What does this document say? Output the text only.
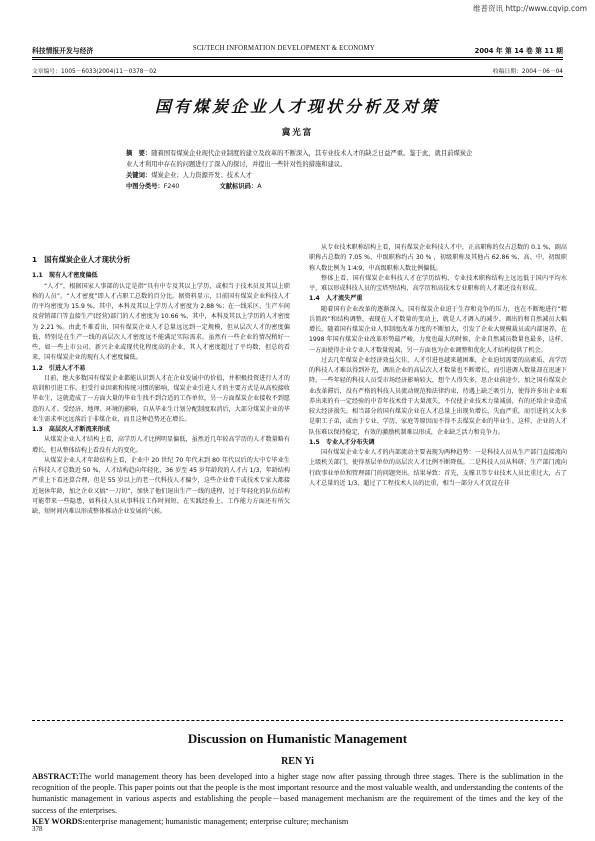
维普资讯 http://www.cqvip.com
科技情报开发与经济	SCI/TECH INFORMATION DEVELOPMENT & ECONOMY	2004 年 第 14 卷 第 11 期
文章编号：1005－6033(2004)11－0378－02	收稿日期：2004－06－04
国有煤炭企业人才现状分析及对策
冀光富
摘　要：随着国有煤炭企业现代企业制度的建立及改革的不断深入，其专业技术人才的缺乏日益严重。鉴于此，就目前煤炭企业人才利用中存在的问题进行了深入的探讨，并提出一些针对性的措施和建议。
关键词：煤炭企业；人力资源开发；技术人才
中图分类号：F240	文献标识码：A
1　国有煤炭企业人才现状分析

1.1　现有人才密度偏低

“人才”，根据国家人事部的认定是指“具有中专及其以上学历，或相当于技术员及其以上职称的人员”。“人才密度”即人才占职工总数的百分比。据资料显示，目前国有煤炭企业科技人才的平均密度为 15.9 %，其中，本科及其以上学历人才密度为 2.88 %；在一线采区、生产车间及营销部门等直接生产(经营)部门的人才密度为 10.66 %，其中，本科及其以上学历的人才密度为 2.21 %。由此不难看出，国有煤炭企业人才总量远远到一定规模，但从层次人才的密度偏低，特别是在生产一线的高层次人才密度远不能满足实际需求。虽然有一些企业的情况稍好一些，如一些上市公司、新兴企业或现代化程度高的企业，其人才密度超过了平均数，但总的看来，国有煤炭企业的现有人才密度偏低。

1.2　引进人才不易

目前，绝大多数国有煤炭企业都能认识到人才在企业发展中的价值，并积极投资进行人才的培训和引进工作。但受行业因素和传统习惯的影响，煤炭企业引进人才的主要方式是从高校接收毕业生，这就造成了一方面大量的毕业生找不到合适的工作单位，另一方面煤炭企业接收不到愿意的人才。受经济、地理、环境的影响，自从毕业生计划分配制度取消后，大部分煤炭企业的毕业生需求率远远落后于非煤企业，而且这种趋势还在增长。

1.3　高层次人才断流来形成

从煤炭企业人才结构上看，高学历人才比例明显偏低，虽然近几年较高学历的人才数量略有增长，但从整体结构上看没有大的变化。

从煤炭企业人才年龄结构上看，企业中 20 世纪 70 年代末到 80 年代以后的大中专毕业生占科技人才总数近 50 %，人才结构趋向年轻化，36 岁至 45 岁年龄段的人才占 1/3，年龄结构严重上下看还算合理，但是 55 岁以上的老一代科技人才偏少，这些企业骨干或技术专家大都接近退休年龄，加之企业又搞“一刀切”，加快了他们退出生产一线的进程，过于年轻化的队伍结构可能带来一些隐患，如科技人员从事科技工作时间短，在实践经验上、工作能力方面还有所欠缺，短时间内难以形成整体推动企业发展的气候。

从专业技术职称结构上看，国有煤炭企业科技人才中，正高职称的仅占总数的 0.1 %，副高职称占总数的 7.05 %，中级职称约占 30 % ，初级职称及其他占 62.86 %，高、中、初级职称人数比例为 1∶4∶9，中高级职称人数比例偏低。

整体上看，国有煤炭企业科技人才在学历结构、专业技术职称结构上远远低于国内平均水平，难以形成科技人员的宝塔型结构，高学历和高技术专业职称的人才都还没有形成。

1.4　人才流失严重

随着国有企业改革的逐渐深入，国有煤炭企业迫于生存和竞争的压力，也在不断地进行“精兵简政”和结构调整，表现在人才数量的变动上，就是人才调入的减少、调出的和自然减员大幅增长。随着国有煤炭企业人事制度改革力度的不断加大，引发了企业大规模裁员或内部退养，在 1998 年国有煤炭企业改革形势最严峻，力度也最大的时候，企业自然减员数量也最多，这样，一方面使得企业专业人才数量锐减，另一方面也为企业调整和优化人才结构提供了机会。

过去几年煤炭企业经济效益欠佳，人才引进也越来越困难，企业迫切需要的高素质、高学历的科技人才难以得到补充，调出企业的高层次人才数量也不断增长，而引进调入数量却在迅速下降。一些年轻的科技人员受市场经济影响较大，想个人得失多，思企业前途少，加之国有煤炭企业改革滞后，没有严格的科技人员流动规范和法律约束，待遇上缺乏吸引力，使得许多出企业难养出来的有一定经验的中青年技术骨干大量流失，不仅使企业技术力量减弱，有的还给企业造成较大经济损失。相当部分的国有煤炭企业在人才总量上出现负增长，失血严重，而引进的又大多是职工子弟，或由于专业、学历、家庭等原因而不得不去煤炭企业的毕业生。这样，企业的人才队伍难以保持稳定，有效的激励机制难以形成，企业缺乏活力和竞争力。

1.5　专业人才分布失调

国有煤炭企业专业人才的内部流动主要表现为两种趋势：一是科技人员从生产部门直接流向上级机关部门，使得基层单位的高层次人才比例不断降低。二是科技人员从科研、生产部门流向行政事业单位和管理部门的问题突出。结果导致：首先，支撑卫等专业技术人员比重过大，占了人才总量的近 1/3，超过了工程技术人员的比重，相当一部分人才沉淀在非

Discussion on Humanistic Management
REN Yi
ABSTRACT:The world management theory has been developed into a higher stage now after passing through three stages. There is the sublimation in the recognition of the people. This paper points out that the people is the most important resource and the most valuable wealth, and understanding the contents of the humanistic management in various aspects and establishing the people－based management mechanism are the requirement of the times and the key of the success of the enterprises.
KEY WORDS:enterprise management; humanistic management; enterprise culture; mechanism
378
